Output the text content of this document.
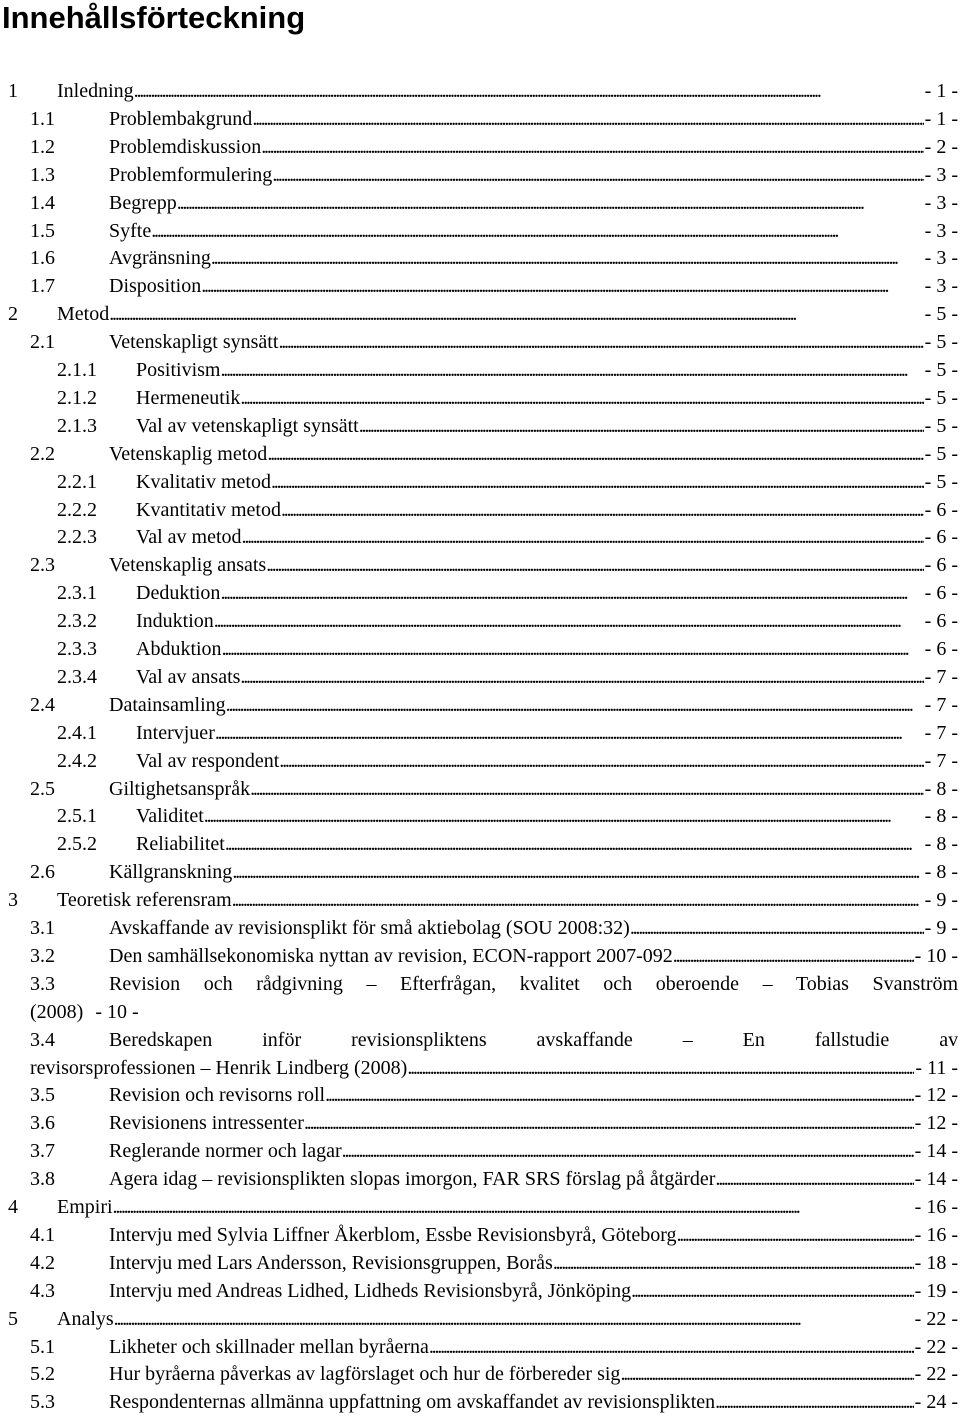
Innehållsförteckning
1 Inledning . . .	- 1 -
1.1	Problembakgrund . . .	- 1 -
1.2	Problemdiskussion . . .	- 2 -
1.3	Problemformulering . . .	- 3 -
1.4	Begrepp . . .	- 3 -
1.5	Syfte . . .	- 3 -
1.6	Avgränsning . . .	- 3 -
1.7	Disposition . . .	- 3 -
2 Metod . . .	- 5 -
2.1	Vetenskapligt synsätt . . .	- 5 -
2.1.1 Positivism . . .	- 5 -
2.1.2 Hermeneutik . . .	- 5 -
2.1.3 Val av vetenskapligt synsätt . . .	- 5 -
2.2	Vetenskaplig metod . . .	- 5 -
2.2.1 Kvalitativ metod . . .	- 5 -
2.2.2 Kvantitativ metod . . .	- 6 -
2.2.3 Val av metod . . .	- 6 -
2.3	Vetenskaplig ansats . . .	- 6 -
2.3.1 Deduktion . . .	- 6 -
2.3.2 Induktion . . .	- 6 -
2.3.3 Abduktion . . .	- 6 -
2.3.4 Val av ansats . . .	- 7 -
2.4	Datainsamling . . .	- 7 -
2.4.1 Intervjuer . . .	- 7 -
2.4.2 Val av respondent . . .	- 7 -
2.5	Giltighetsanspråk . . .	- 8 -
2.5.1 Validitet . . .	- 8 -
2.5.2 Reliabilitet . . .	- 8 -
2.6	Källgranskning . . .	- 8 -
3 Teoretisk referensram . . .	- 9 -
3.1	Avskaffande av revisionsplikt för små aktiebolag (SOU 2008:32) . . .	- 9 -
3.2	Den samhällsekonomiska nyttan av revision, ECON-rapport 2007-092 . . .	- 10 -
3.3	Revision och rådgivning – Efterfrågan, kvalitet och oberoende – Tobias Svanström
(2008) - 10 -
3.4	Beredskapen inför revisionspliktens avskaffande – En fallstudie av
revisorsprofessionen – Henrik Lindberg (2008) . . .	- 11 -
3.5	Revision och revisorns roll . . .	- 12 -
3.6	Revisionens intressenter . . .	- 12 -
3.7	Reglerande normer och lagar . . .	- 14 -
3.8	Agera idag – revisionsplikten slopas imorgon, FAR SRS förslag på åtgärder . . .	- 14 -
4 Empiri . . .	- 16 -
4.1	Intervju med Sylvia Liffner Åkerblom, Essbe Revisionsbyrå, Göteborg . . .	- 16 -
4.2	Intervju med Lars Andersson, Revisionsgruppen, Borås . . .	- 18 -
4.3	Intervju med Andreas Lidhed, Lidheds Revisionsbyrå, Jönköping . . .	- 19 -
5 Analys . . .	- 22 -
5.1	Likheter och skillnader mellan byråerna . . .	- 22 -
5.2	Hur byråerna påverkas av lagförslaget och hur de förbereder sig . . .	- 22 -
5.3	Respondenternas allmänna uppfattning om avskaffandet av revisionsplikten . . .	- 24 -
